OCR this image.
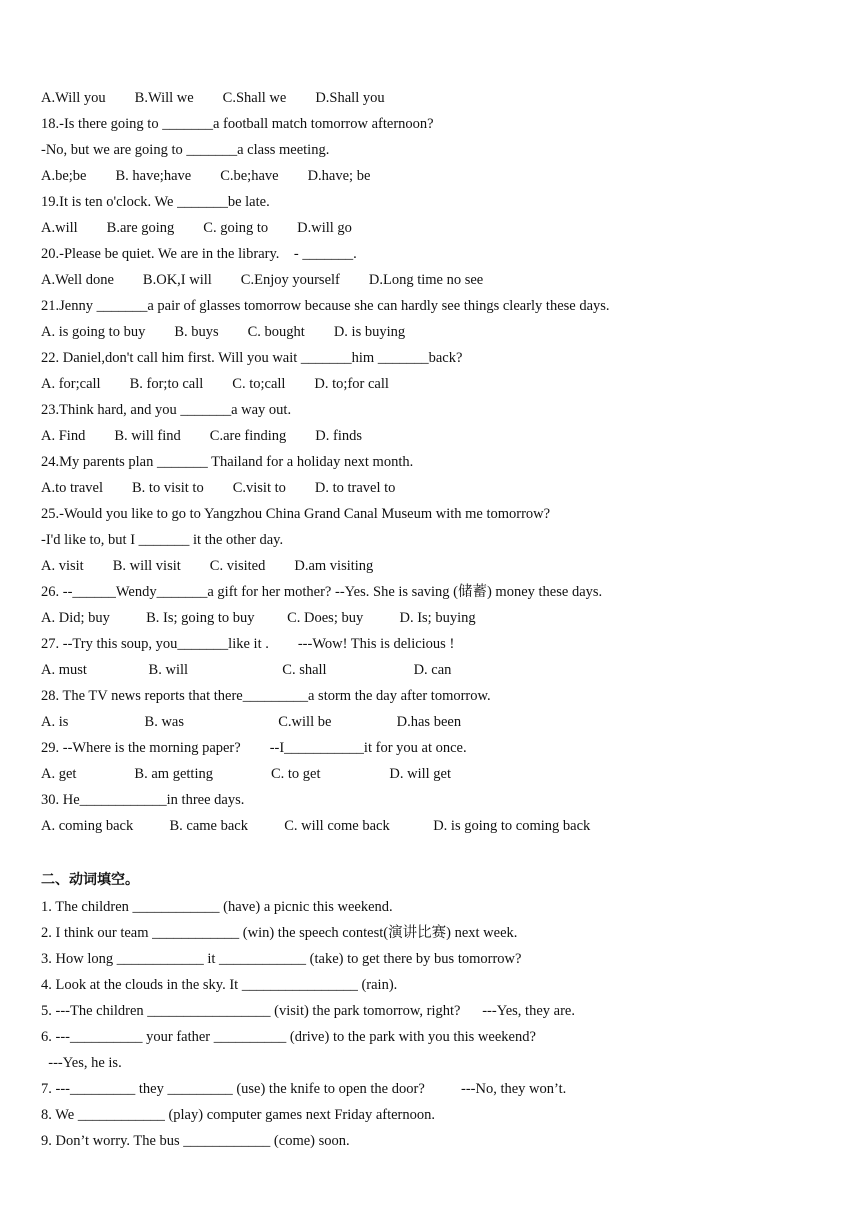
A.Will you        B.Will we        C.Shall we        D.Shall you
18.-Is there going to _______a football match tomorrow afternoon?
-No, but we are going to _______a class meeting.
A.be;be        B. have;have        C.be;have        D.have; be
19.It is ten o'clock. We _______be late.
A.will        B.are going        C. going to        D.will go
20.-Please be quiet. We are in the library.    - _______.
A.Well done        B.OK,I will        C.Enjoy yourself        D.Long time no see
21.Jenny _______a pair of glasses tomorrow because she can hardly see things clearly these days.
A. is going to buy        B. buys        C. bought        D. is buying
22. Daniel,don't call him first. Will you wait _______him _______back?
A. for;call        B. for;to call        C. to;call        D. to;for call
23.Think hard, and you _______a way out.
A. Find        B. will find        C.are finding        D. finds
24.My parents plan _______ Thailand for a holiday next month.
A.to travel        B. to visit to        C.visit to        D. to travel to
25.-Would you like to go to Yangzhou China Grand Canal Museum with me tomorrow?
-I'd like to, but I _______ it the other day.
A. visit        B. will visit        C. visited        D.am visiting
26. --______Wendy_______a gift for her mother? --Yes. She is saving (储蓄) money these days.
A. Did; buy          B. Is; going to buy         C. Does; buy          D. Is; buying
27. --Try this soup, you_______like it .        ---Wow! This is delicious !
A. must                 B. will                          C. shall                        D. can
28. The TV news reports that there_________a storm the day after tomorrow.
A. is                     B. was                          C.will be                  D.has been
29. --Where is the morning paper?        --I___________it for you at once.
A. get                B. am getting                C. to get                   D. will get
30. He____________in three days.
A. coming back          B. came back          C. will come back            D. is going to coming back
二、动词填空。
1. The children ____________ (have) a picnic this weekend.
2. I think our team ____________ (win) the speech contest(演讲比赛) next week.
3. How long ____________ it ____________ (take) to get there by bus tomorrow?
4. Look at the clouds in the sky. It ________________ (rain).
5. ---The children _________________ (visit) the park tomorrow, right?      ---Yes, they are.
6. ---__________ your father __________ (drive) to the park with you this weekend?
---Yes, he is.
7. ---_________ they _________ (use) the knife to open the door?          ---No, they won’t.
8. We ____________ (play) computer games next Friday afternoon.
9. Don’t worry. The bus ____________ (come) soon.
